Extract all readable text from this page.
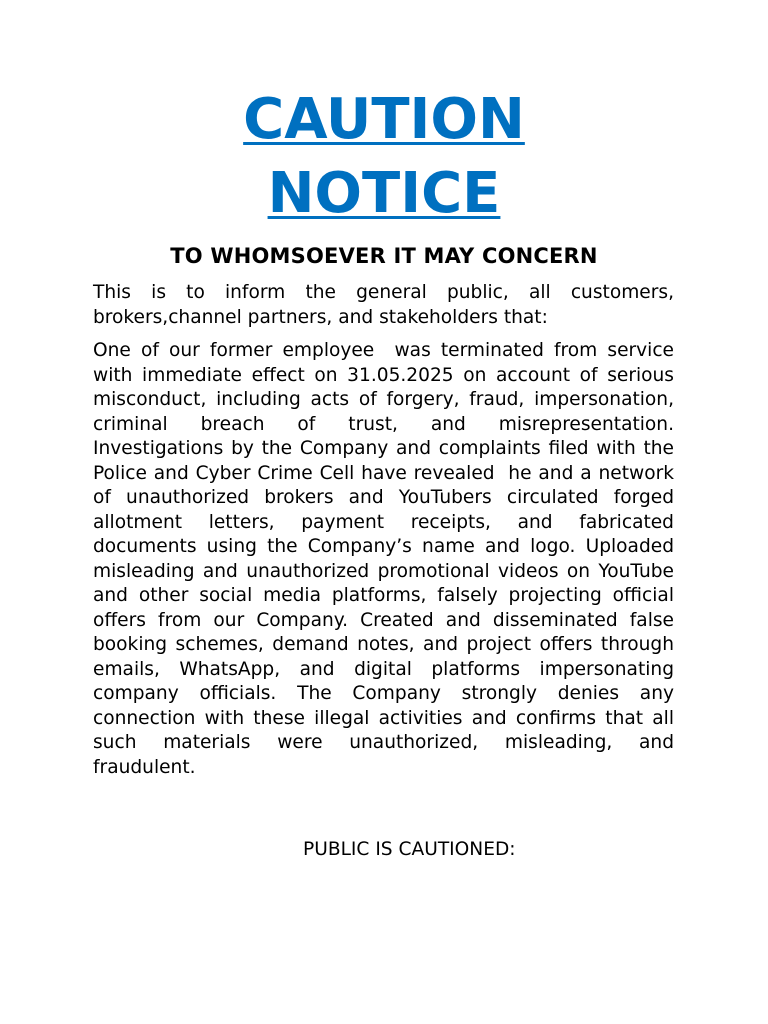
CAUTION
NOTICE
TO WHOMSOEVER IT MAY CONCERN

This is to inform the general public, all customers, brokers,channel partners, and stakeholders that:

One of our former employee  was terminated from service with immediate effect on 31.05.2025 on account of serious misconduct, including acts of forgery, fraud, impersonation, criminal breach of trust, and misrepresentation. Investigations by the Company and complaints filed with the Police and Cyber Crime Cell have revealed  he and a network of unauthorized brokers and YouTubers circulated forged allotment letters, payment receipts, and fabricated documents using the Company’s name and logo. Uploaded misleading and unauthorized promotional videos on YouTube and other social media platforms, falsely projecting official offers from our Company. Created and disseminated false booking schemes, demand notes, and project offers through emails, WhatsApp, and digital platforms impersonating company officials. The Company strongly denies any connection with these illegal activities and confirms that all such materials were unauthorized, misleading, and fraudulent.

PUBLIC IS CAUTIONED:
